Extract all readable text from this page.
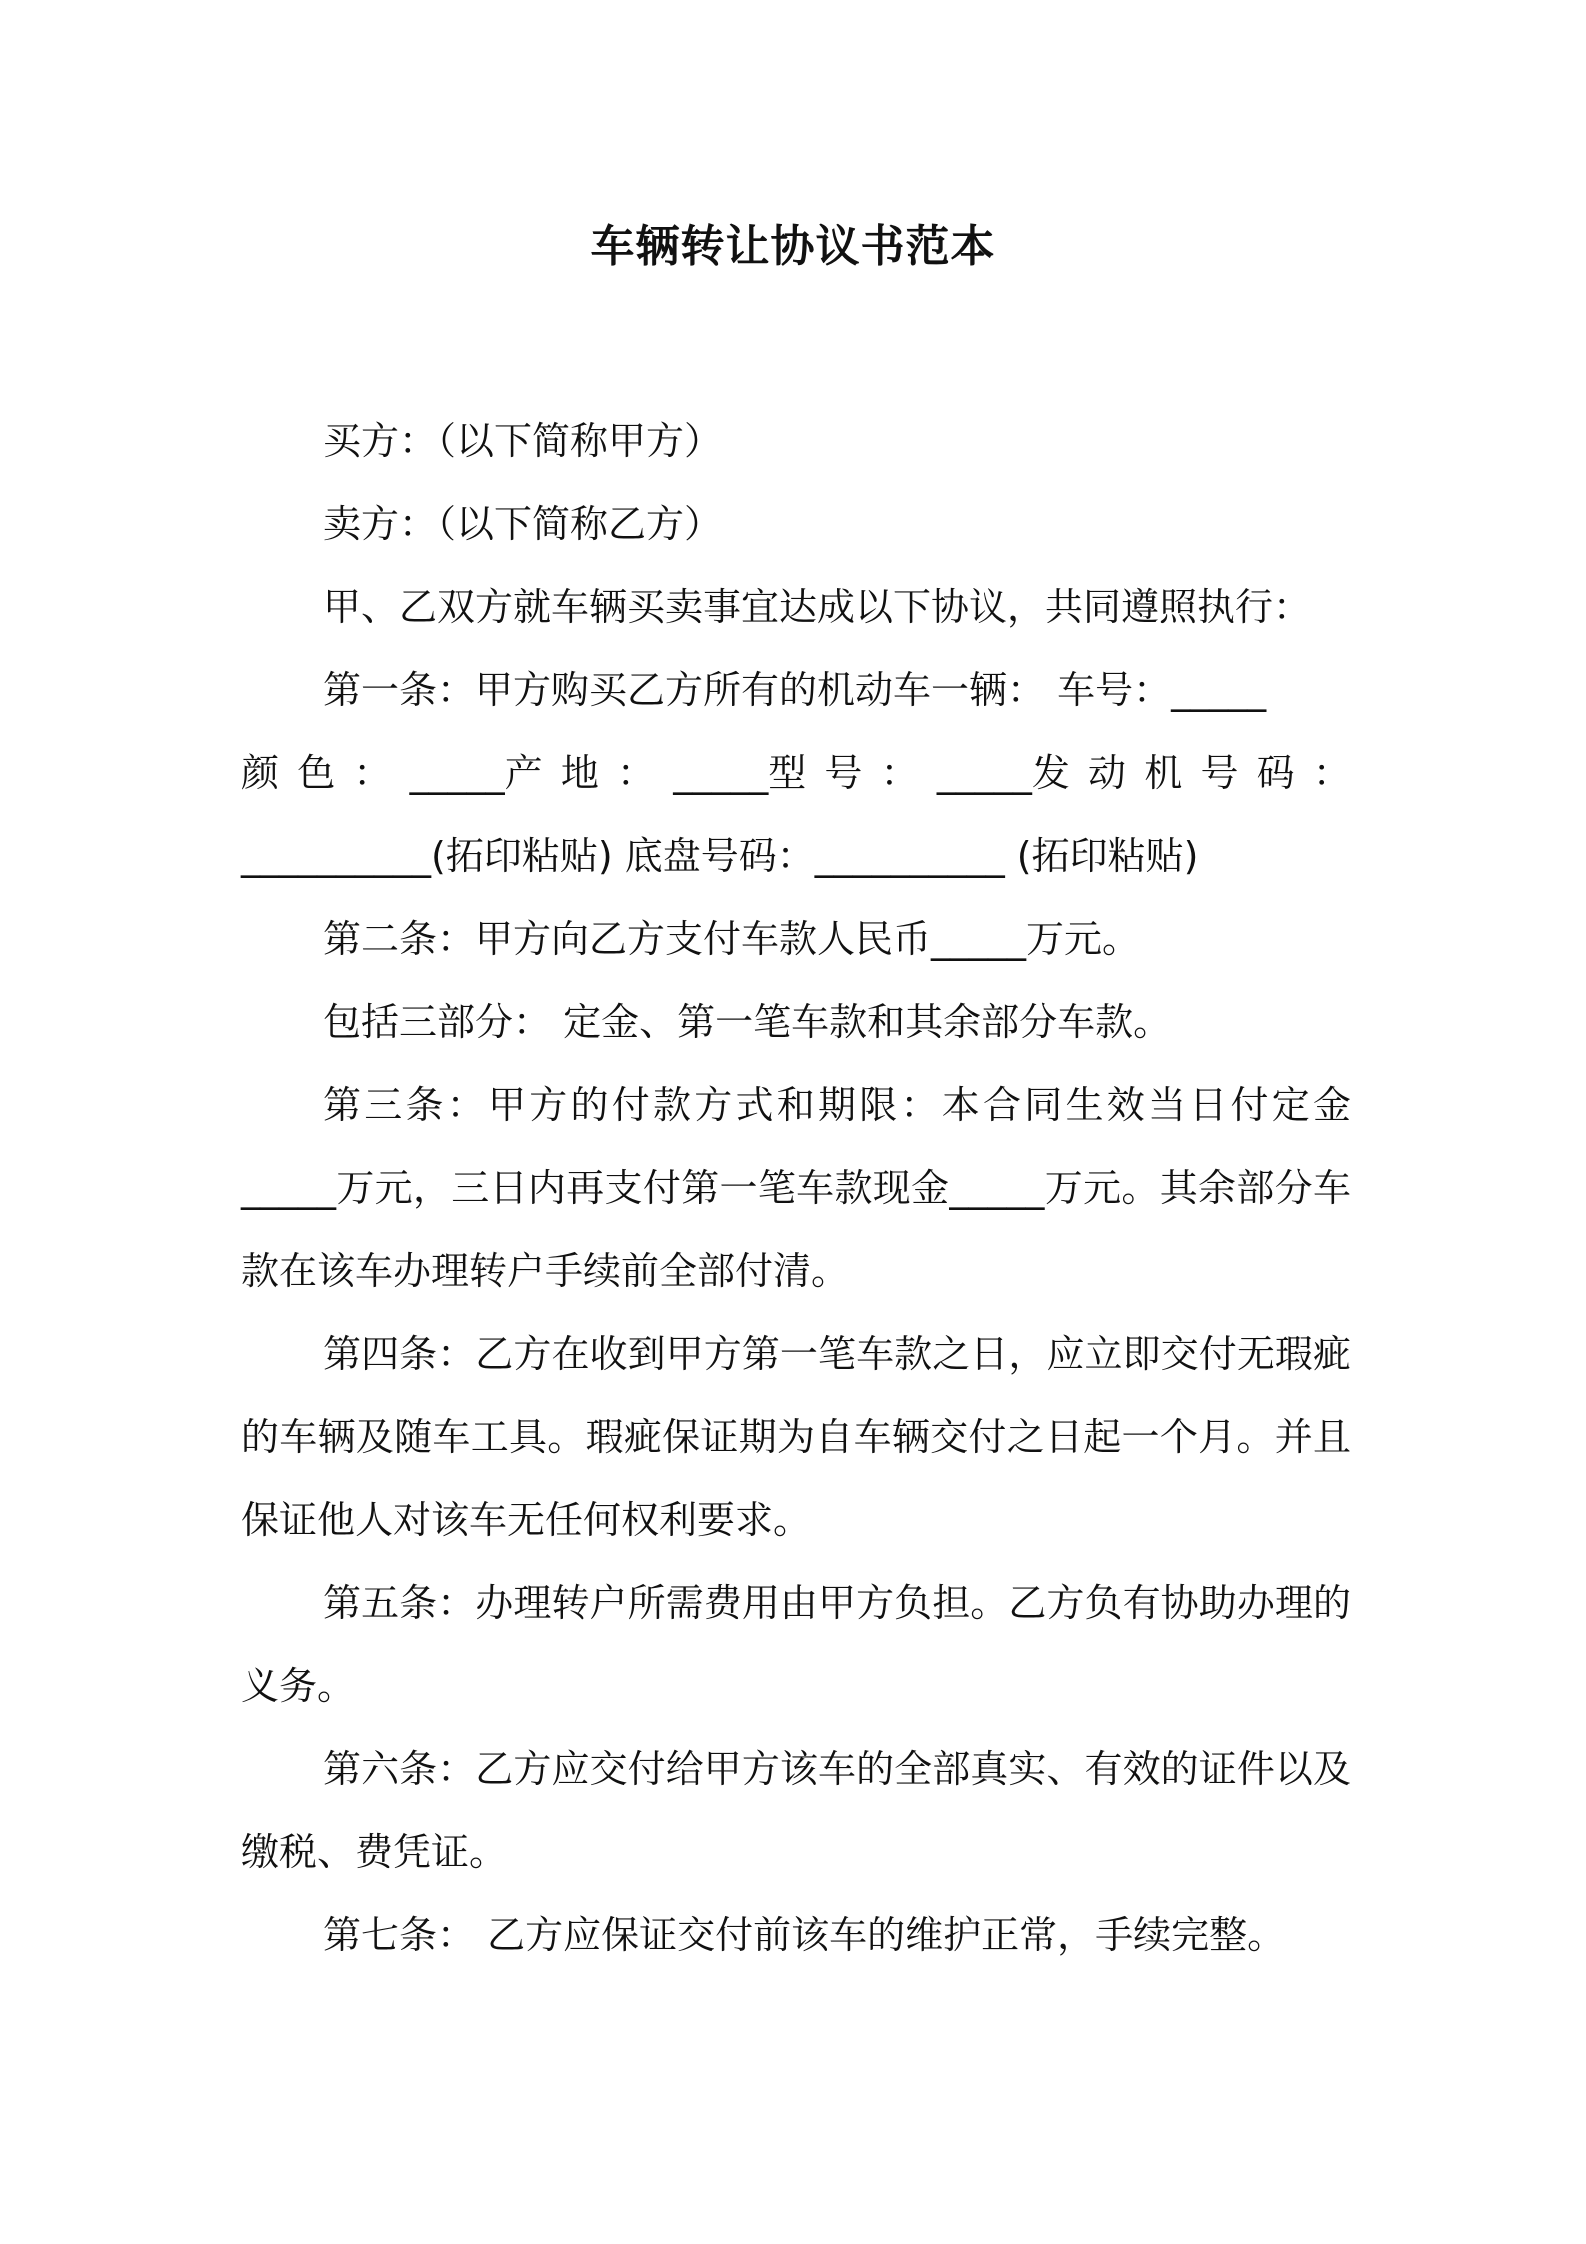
车辆转让协议书范本

买方：（以下简称甲方）

卖方：（以下简称乙方）

甲、乙双方就车辆买卖事宜达成以下协议，共同遵照执行：

第一条：甲方购买乙方所有的机动车一辆： 车号：_____

颜 色 ： _____产 地 ： _____型 号 ： _____发 动 机 号 码 ：

__________(拓印粘贴) 底盘号码：__________ (拓印粘贴)

第二条：甲方向乙方支付车款人民币_____万元。

包括三部分： 定金、第一笔车款和其余部分车款。

第三条：甲方的付款方式和期限：本合同生效当日付定金_____万元，三日内再支付第一笔车款现金_____万元。其余部分车款在该车办理转户手续前全部付清。

第四条：乙方在收到甲方第一笔车款之日，应立即交付无瑕疵的车辆及随车工具。瑕疵保证期为自车辆交付之日起一个月。并且保证他人对该车无任何权利要求。

第五条：办理转户所需费用由甲方负担。乙方负有协助办理的义务。

第六条：乙方应交付给甲方该车的全部真实、有效的证件以及缴税、费凭证。

第七条： 乙方应保证交付前该车的维护正常，手续完整。
